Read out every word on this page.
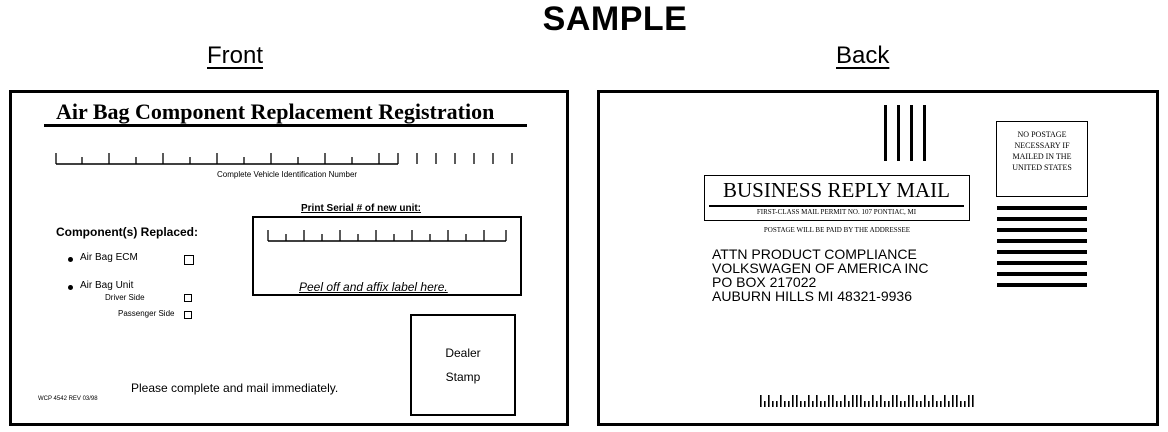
SAMPLE
Front	Back
Air Bag Component Replacement Registration
Complete Vehicle Identification Number
Print Serial # of new unit:
Peel off and affix label here.
Component(s) Replaced:
Air Bag ECM
Air Bag Unit
Driver Side
Passenger Side
Dealer
Stamp
Please complete and mail immediately.
WCP 4542 REV 03/98
NO POSTAGE NECESSARY IF MAILED IN THE UNITED STATES
BUSINESS REPLY MAIL
FIRST-CLASS MAIL PERMIT NO. 107 PONTIAC, MI
POSTAGE WILL BE PAID BY THE ADDRESSEE
ATTN PRODUCT COMPLIANCE
VOLKSWAGEN OF AMERICA INC
PO BOX 217022
AUBURN HILLS MI 48321-9936
